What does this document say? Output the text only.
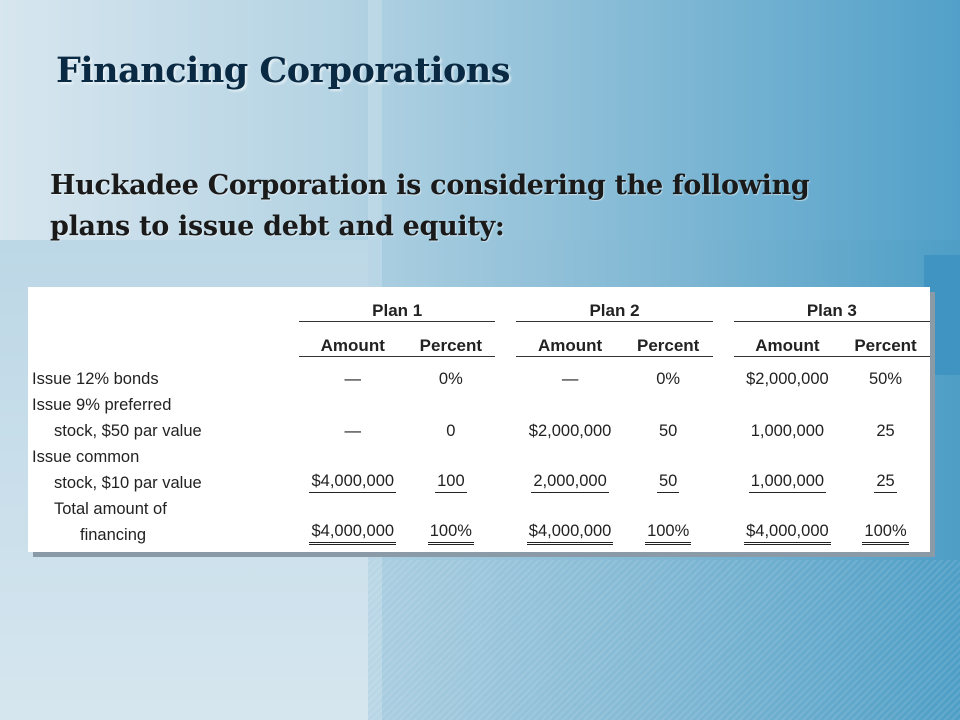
Financing Corporations

Huckadee Corporation is considering the following plans to issue debt and equity:

		Plan 1			Plan 2			Plan 3	
		Amount	Percent		Amount	Percent		Amount	Percent
Issue 12% bonds		—	0%		—	0%		$2,000,000	50%
Issue 9% preferred									
stock, $50 par value		—	0		$2,000,000	50		1,000,000	25
Issue common									
stock, $10 par value		$4,000,000	100		2,000,000	50		1,000,000	25
Total amount of									
financing		$4,000,000	100%		$4,000,000	100%		$4,000,000	100%
